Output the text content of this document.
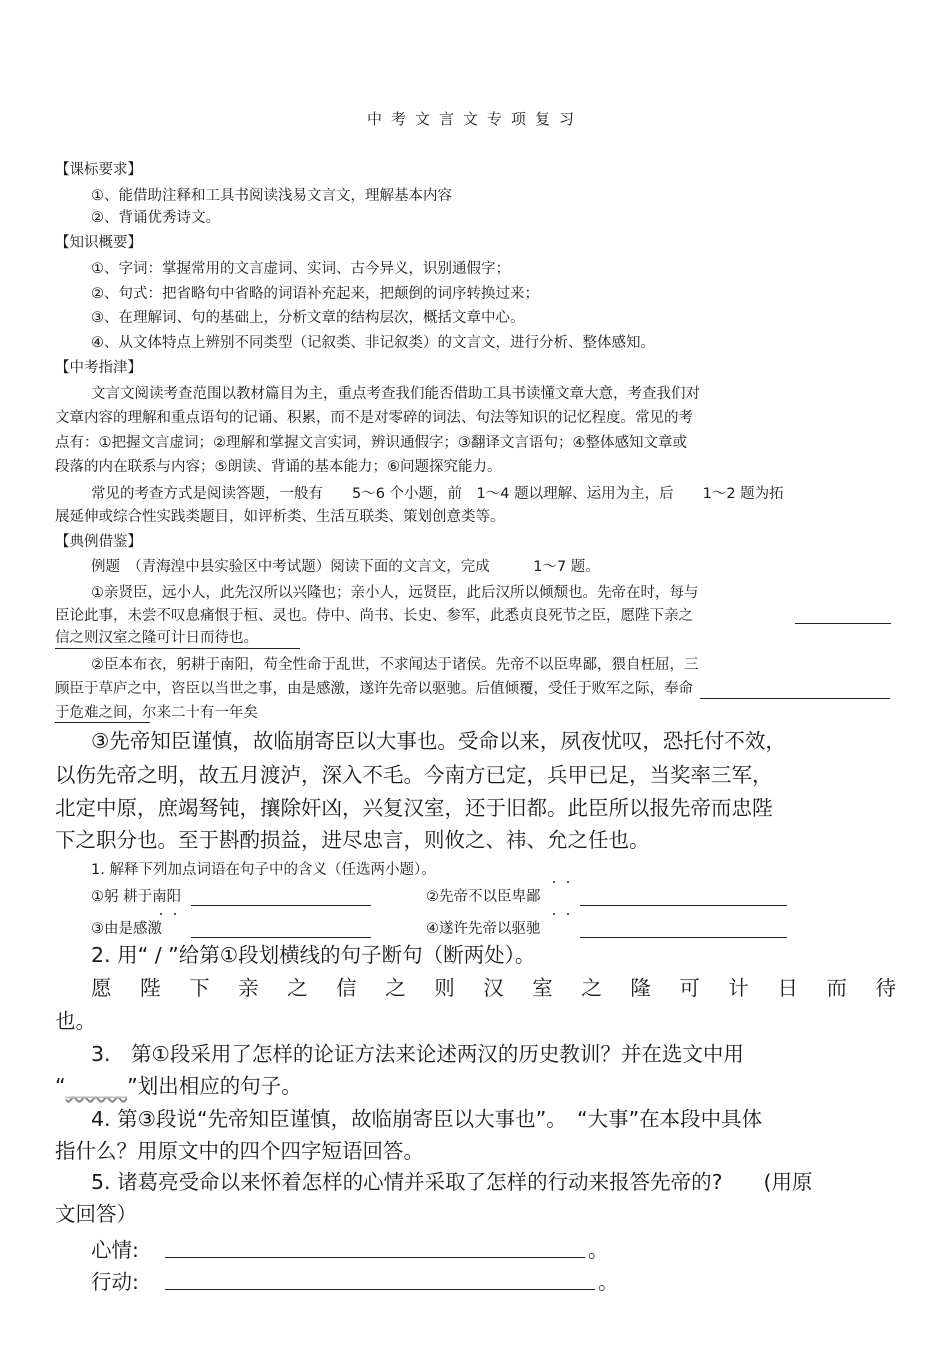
中考文言文专项复习
【课标要求】
①、能借助注释和工具书阅读浅易文言文，理解基本内容
②、背诵优秀诗文。
【知识概要】
①、字词：掌握常用的文言虚词、实词、古今异义，识别通假字；
②、句式：把省略句中省略的词语补充起来，把颠倒的词序转换过来；
③、在理解词、句的基础上，分析文章的结构层次，概括文章中心。
④、从文体特点上辨别不同类型（记叙类、非记叙类）的文言文，进行分析、整体感知。
【中考指津】
文言文阅读考查范围以教材篇目为主，重点考查我们能否借助工具书读懂文章大意，考查我们对
文章内容的理解和重点语句的记诵、积累，而不是对零碎的词法、句法等知识的记忆程度。常见的考
点有：①把握文言虚词；②理解和掌握文言实词，辨识通假字；③翻译文言语句；④整体感知文章或
段落的内在联系与内容；⑤朗读、背诵的基本能力；⑥问题探究能力。
常见的考查方式是阅读答题，一般有　　5～6 个小题，前　1～4 题以理解、运用为主，后　　1～2 题为拓
展延伸或综合性实践类题目，如评析类、生活互联类、策划创意类等。
【典例借鉴】
例题　（青海湟中县实验区中考试题）阅读下面的文言文，完成　　　1～7 题。
①亲贤臣，远小人，此先汉所以兴隆也；亲小人，远贤臣，此后汉所以倾颓也。先帝在时，每与
臣论此事，未尝不叹息痛恨于桓、灵也。侍中、尚书、长史、参军，此悉贞良死节之臣，愿陛下亲之
信之则汉室之隆可计日而待也。
②臣本布衣，躬耕于南阳，苟全性命于乱世，不求闻达于诸侯。先帝不以臣卑鄙，猥自枉屈，三
顾臣于草庐之中，咨臣以当世之事，由是感激，遂许先帝以驱驰。后值倾覆，受任于败军之际，奉命
于危难之间，尔来二十有一年矣
③先帝知臣谨慎，故临崩寄臣以大事也。受命以来，夙夜忧叹，恐托付不效，
以伤先帝之明，故五月渡泸，深入不毛。今南方已定，兵甲已足，当奖率三军，
北定中原，庶竭驽钝，攘除奸凶，兴复汉室，还于旧都。此臣所以报先帝而忠陛
下之职分也。至于斟酌损益，进尽忠言，则攸之、祎、允之任也。
1. 解释下列加点词语在句子中的含义（任选两小题）。
①躬 耕于南阳	②先帝不以臣卑鄙
③由是感激	④遂许先帝以驱驰
2. 用“ / ”给第①段划横线的句子断句（断两处）。
愿 陛 下 亲 之 信 之 则 汉 室 之 隆 可 计 日 而 待
也。
3.　第①段采用了怎样的论证方法来论述两汉的历史教训？并在选文中用
“______”划出相应的句子。
4. 第③段说“先帝知臣谨慎，故临崩寄臣以大事也”。　“大事”在本段中具体
指什么？用原文中的四个四字短语回答。
5. 诸葛亮受命以来怀着怎样的心情并采取了怎样的行动来报答先帝的?　　(用原
文回答）
心情:	。
行动:	。
